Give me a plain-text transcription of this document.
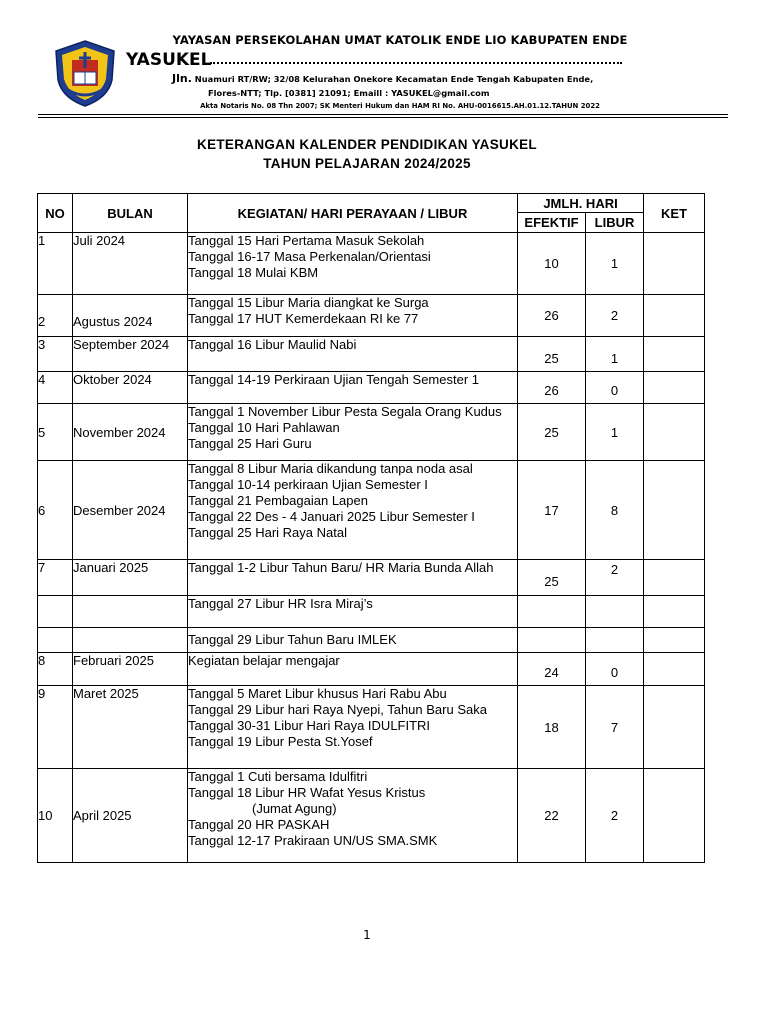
YAYASAN PERSEKOLAHAN UMAT KATOLIK ENDE LIO KABUPATEN ENDE
YASUKEL
Jln. Nuamuri RT/RW; 32/08 Kelurahan Onekore Kecamatan Ende Tengah Kabupaten Ende,
Flores-NTT; Tlp. [0381] 21091; Emaill : YASUKEL@gmail.com
Akta Notaris No. 08 Thn 2007; SK Menteri Hukum dan HAM RI No. AHU-0016615.AH.01.12.TAHUN 2022
KETERANGAN KALENDER PENDIDIKAN YASUKEL
TAHUN PELAJARAN 2024/2025
NO	BULAN	KEGIATAN/ HARI PERAYAAN / LIBUR	JMLH. HARI		KET
			EFEKTIF	LIBUR	
1	Juli 2024	Tanggal 15 Hari Pertama Masuk Sekolah
Tanggal 16-17 Masa Perkenalan/Orientasi
Tanggal 18 Mulai KBM	10	1	
2	Agustus 2024	Tanggal 15 Libur Maria diangkat ke Surga
Tanggal 17 HUT Kemerdekaan RI ke 77	26	2	
3	September 2024	Tanggal 16 Libur Maulid Nabi	25	1	
4	Oktober 2024	Tanggal 14-19 Perkiraan Ujian Tengah Semester 1	26	0	
5	November 2024	Tanggal 1 November Libur Pesta Segala Orang Kudus
Tanggal 10 Hari Pahlawan
Tanggal 25 Hari Guru	25	1	
6	Desember 2024	Tanggal 8 Libur Maria dikandung tanpa noda asal
Tanggal 10-14 perkiraan Ujian Semester I
Tanggal 21 Pembagaian Lapen
Tanggal 22 Des - 4 Januari 2025 Libur Semester I
Tanggal 25 Hari Raya Natal	17	8	
7	Januari 2025	Tanggal 1-2 Libur Tahun Baru/ HR Maria Bunda Allah	25	2	

		Tanggal 27 Libur HR Isra Miraj’s			

		Tanggal 29 Libur Tahun Baru IMLEK			

8	Februari 2025	Kegiatan belajar mengajar	24	0	
9	Maret 2025	Tanggal 5 Maret Libur khusus Hari Rabu Abu
Tanggal 29 Libur hari Raya Nyepi, Tahun Baru Saka
Tanggal 30-31 Libur Hari Raya IDULFITRI
Tanggal 19 Libur Pesta St.Yosef	18	7	
10	April 2025	Tanggal 1 Cuti bersama Idulfitri
Tanggal 18 Libur HR Wafat Yesus Kristus
(Jumat Agung)
Tanggal 20 HR PASKAH
Tanggal 12-17 Prakiraan UN/US SMA.SMK	22	2	
1
